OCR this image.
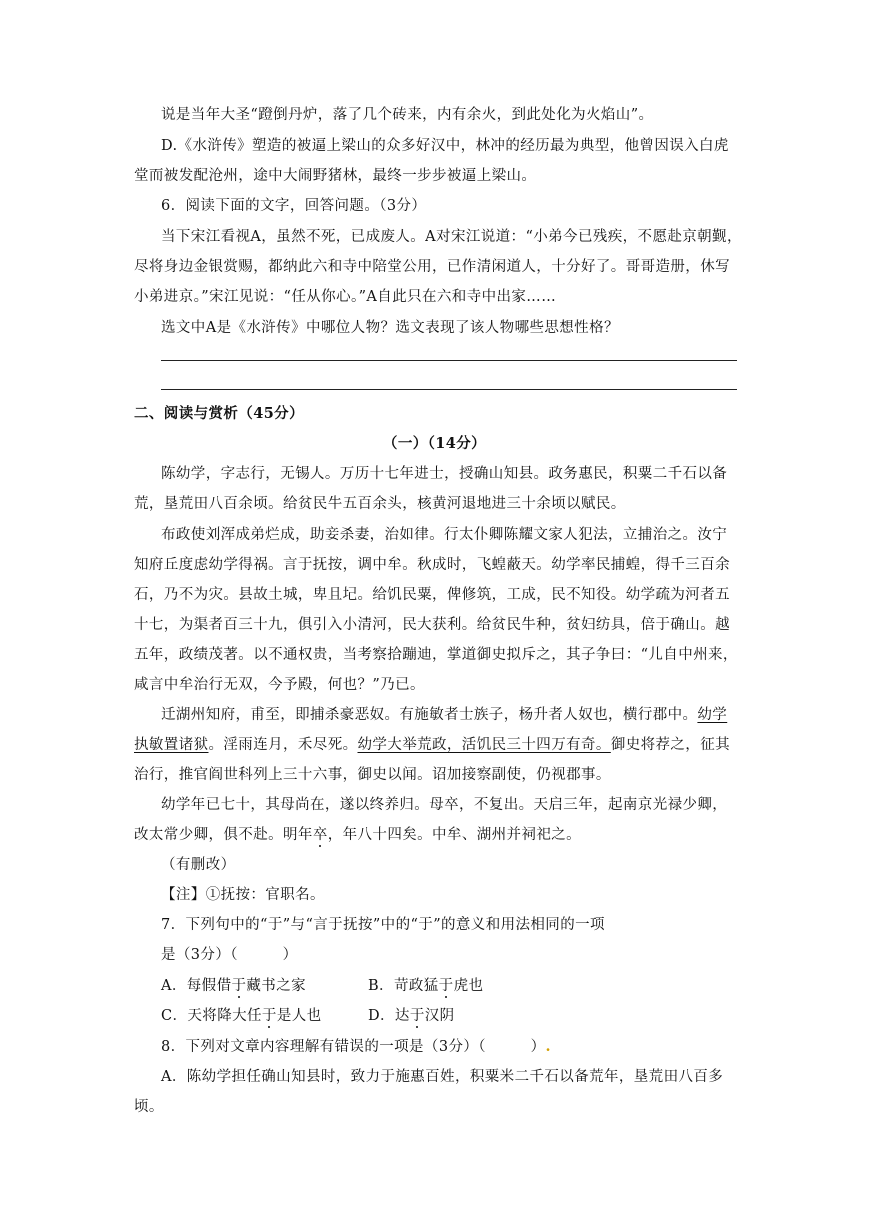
说是当年大圣“蹬倒丹炉，落了几个砖来，内有余火，到此处化为火焰山”。
D.《水浒传》塑造的被逼上梁山的众多好汉中，林冲的经历最为典型，他曾因误入白虎
堂而被发配沧州，途中大闹野猪林，最终一步步被逼上梁山。
6．阅读下面的文字，回答问题。（3分）
当下宋江看视A，虽然不死，已成废人。A对宋江说道：“小弟今已残疾，不愿赴京朝觐，
尽将身边金银赏赐，都纳此六和寺中陪堂公用，已作清闲道人，十分好了。哥哥造册，休写
小弟进京。”宋江见说：“任从你心。”A自此只在六和寺中出家……
选文中A是《水浒传》中哪位人物？选文表现了该人物哪些思想性格？
二、阅读与赏析（45分）
（一）（14分）
陈幼学，字志行，无锡人。万历十七年进士，授确山知县。政务惠民，积粟二千石以备
荒，垦荒田八百余顷。给贫民牛五百余头，核黄河退地进三十余顷以赋民。
布政使刘浑成弟烂成，助妾杀妻，治如律。行太仆卿陈耀文家人犯法，立捕治之。汝宁
知府丘度虑幼学得祸。言于抚按，调中牟。秋成时，飞蝗蔽天。幼学率民捕蝗，得千三百余
石，乃不为灾。县故土城，卑且圮。给饥民粟，俾修筑，工成，民不知役。幼学疏为河者五
十七，为渠者百三十九，俱引入小清河，民大获利。给贫民牛种，贫妇纺具，倍于确山。越
五年，政绩茂著。以不通权贵，当考察拾蹦迪，掌道御史拟斥之，其子争曰：“儿自中州来，
咸言中牟治行无双，今予殿，何也？”乃已。
迁湖州知府，甫至，即捕杀豪恶奴。有施敏者士族子，杨升者人奴也，横行郡中。幼学
执敏置诸狱。淫雨连月，禾尽死。幼学大举荒政，活饥民三十四万有奇。御史将荐之，征其
治行，推官阎世科列上三十六事，御史以闻。诏加接察副使，仍视郡事。
幼学年已七十，其母尚在，遂以终养归。母卒，不复出。天启三年，起南京光禄少卿，
改太常少卿，俱不赴。明年卒，年八十四矣。中牟、湖州并祠祀之。
（有删改）
【注】①抚按：官职名。
7．下列句中的“于”与“言于抚按”中的“于”的意义和用法相同的一项
是（3分）（　　　）
A．每假借于藏书之家	B．苛政猛于虎也
C．天将降大任于是人也	D．达于汉阴
8．下列对文章内容理解有错误的一项是（3分）（　　　）.
A．陈幼学担任确山知县时，致力于施惠百姓，积粟米二千石以备荒年，垦荒田八百多
顷。
